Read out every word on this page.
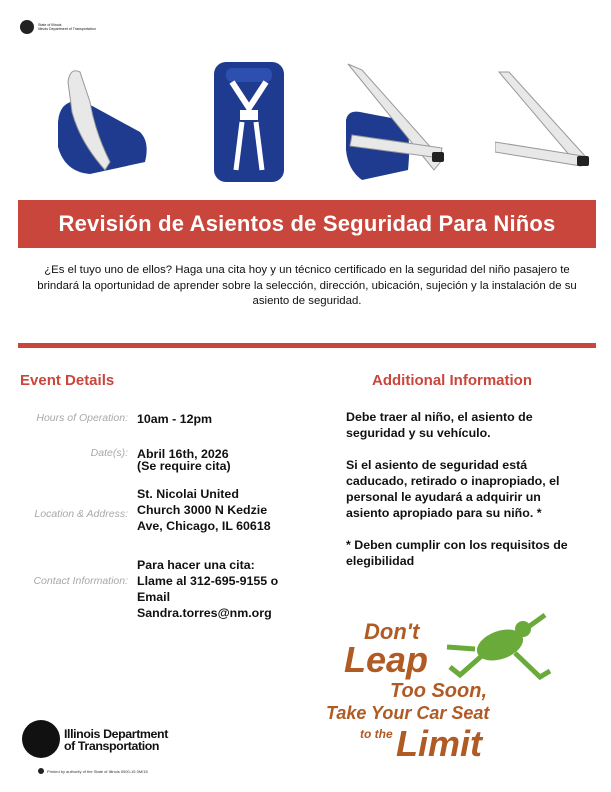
State of Illinois
Illinois Department of Transportation
Revisión de Asientos de Seguridad Para Niños
¿Es el tuyo uno de ellos? Haga una cita hoy y un técnico certificado en la seguridad del niño pasajero te brindará la oportunidad de aprender sobre la selección, dirección, ubicación, sujeción y la instalación de su asiento de seguridad.
Event Details
Hours of Operation: 10am - 12pm
Date(s): Abril 16th, 2026
(Se require cita)
Location & Address:
St. Nicolai United
Church 3000 N Kedzie
Ave, Chicago, IL 60618
Contact Information:
Para hacer una cita:
Llame al 312-695-9155 o
Email
Sandra.torres@nm.org
Additional Information

Debe traer al niño, el asiento de seguridad y su vehículo.

Si el asiento de seguridad está caducado, retirado o inapropiado, el personal le ayudará a adquirir un asiento apropiado para su niño. *

* Deben cumplir con los requisitos de elegibilidad

Don't
Leap
Too Soon,
Take Your Car Seat
to the Limit
Illinois Department
of Transportation
Printed by authority of the State of Illinois 0000-15 0M/15
